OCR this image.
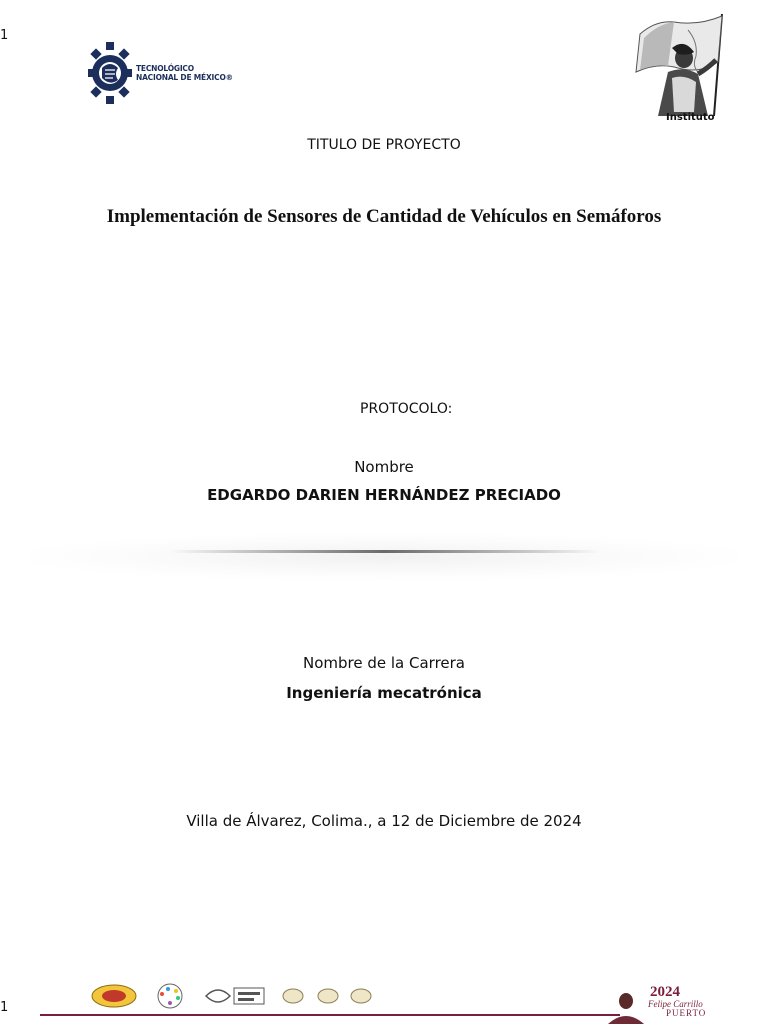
1
1
TECNOLÓGICO
NACIONAL DE MÉXICO®
Instituto
TITULO DE PROYECTO
Implementación de Sensores de Cantidad de Vehículos en Semáforos
PROTOCOLO:
Nombre
EDGARDO DARIEN HERNÁNDEZ PRECIADO
Nombre de la Carrera
Ingeniería mecatrónica
Villa de Álvarez, Colima., a 12 de Diciembre de 2024
2024
Felipe Carrillo
PUERTO
